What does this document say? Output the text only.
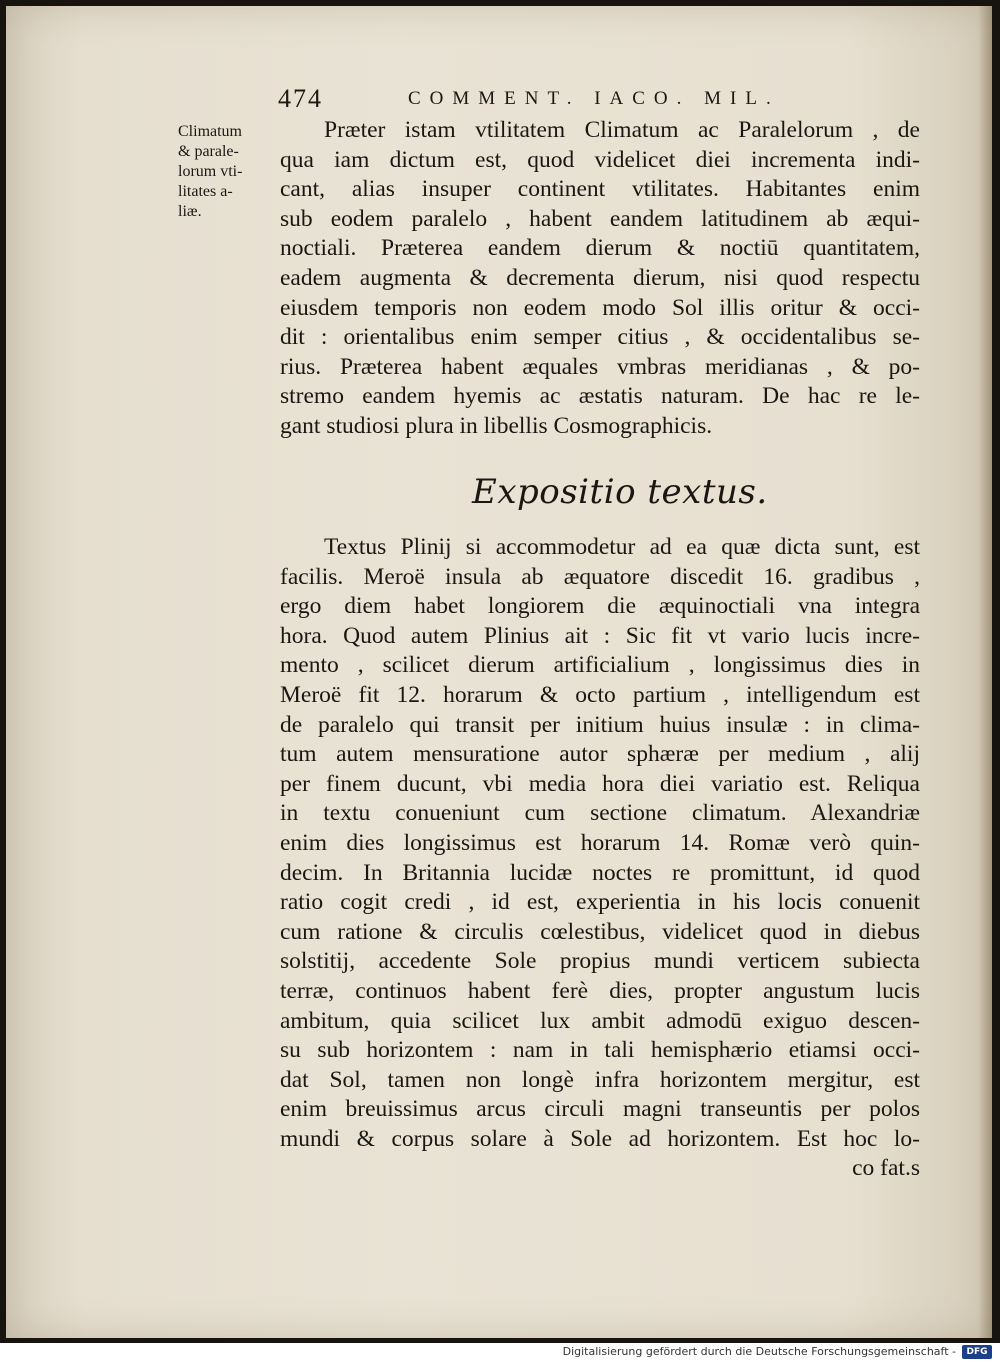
474	COMMENT. IACO. MIL.
Climatum
& parale-
lorum vti-
litates a-
liæ.
Præter istam vtilitatem Climatum ac Paralelorum , de
qua iam dictum est, quod videlicet diei incrementa indi-
cant, alias insuper continent vtilitates. Habitantes enim
sub eodem paralelo , habent eandem latitudinem ab æqui-
noctiali. Præterea eandem dierum & noctiū quantitatem,
eadem augmenta & decrementa dierum, nisi quod respectu
eiusdem temporis non eodem modo Sol illis oritur & occi-
dit : orientalibus enim semper citius , & occidentalibus se-
rius. Præterea habent æquales vmbras meridianas , & po-
stremo eandem hyemis ac æstatis naturam. De hac re le-
gant studiosi plura in libellis Cosmographicis.
Expositio textus.
Textus Plinij si accommodetur ad ea quæ dicta sunt, est
facilis. Meroë insula ab æquatore discedit 16. gradibus ,
ergo diem habet longiorem die æquinoctiali vna integra
hora. Quod autem Plinius ait : Sic fit vt vario lucis incre-
mento , scilicet dierum artificialium , longissimus dies in
Meroë fit 12. horarum & octo partium , intelligendum est
de paralelo qui transit per initium huius insulæ : in clima-
tum autem mensuratione autor sphæræ per medium , alij
per finem ducunt, vbi media hora diei variatio est. Reliqua
in textu conueniunt cum sectione climatum. Alexandriæ
enim dies longissimus est horarum 14. Romæ verò quin-
decim. In Britannia lucidæ noctes re promittunt, id quod
ratio cogit credi , id est, experientia in his locis conuenit
cum ratione & circulis cœlestibus, videlicet quod in diebus
solstitij, accedente Sole propius mundi verticem subiecta
terræ, continuos habent ferè dies, propter angustum lucis
ambitum, quia scilicet lux ambit admodū exiguo descen-
su sub horizontem : nam in tali hemisphærio etiamsi occi-
dat Sol, tamen non longè infra horizontem mergitur, est
enim breuissimus arcus circuli magni transeuntis per polos
mundi & corpus solare à Sole ad horizontem. Est hoc lo-
co fat.s
Digitalisierung gefördert durch die Deutsche Forschungsgemeinschaft -	DFG
